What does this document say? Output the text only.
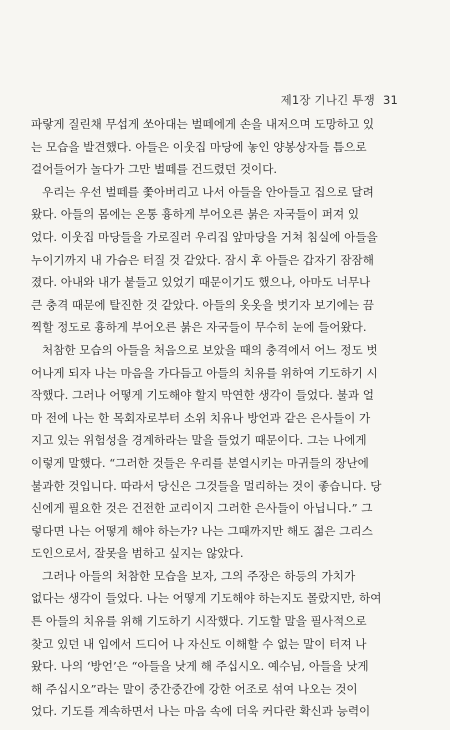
제1장 기나긴 투쟁 31
파랗게 질린채 무섭게 쏘아대는 벌떼에게 손을 내저으며 도망하고 있
는 모습을 발견했다. 아들은 이웃집 마당에 놓인 양봉상자들 틈으로
걸어들어가 놀다가 그만 벌떼를 건드렸던 것이다.
우리는 우선 벌떼를 쫓아버리고 나서 아들을 안아들고 집으로 달려
왔다. 아들의 몸에는 온통 흉하게 부어오른 붉은 자국들이 퍼져 있
었다. 이웃집 마당들을 가로질러 우리집 앞마당을 거쳐 침실에 아들을
누이기까지 내 가슴은 터질 것 같았다. 잠시 후 아들은 갑자기 잠잠해
졌다. 아내와 내가 붙들고 있었기 때문이기도 했으나, 아마도 너무나
큰 충격 때문에 탈진한 것 같았다. 아들의 옷옷을 벗기자 보기에는 끔
찍할 정도로 흉하게 부어오른 붉은 자국들이 무수히 눈에 들어왔다.
처참한 모습의 아들을 처음으로 보았을 때의 충격에서 어느 정도 벗
어나게 되자 나는 마음을 가다듬고 아들의 치유를 위하여 기도하기 시
작했다. 그러나 어떻게 기도해야 할지 막연한 생각이 들었다. 불과 얼
마 전에 나는 한 목회자로부터 소위 치유나 방언과 같은 은사들이 가
지고 있는 위험성을 경계하라는 말을 들었기 때문이다. 그는 나에게
이렇게 말했다. “그러한 것들은 우리를 분열시키는 마귀들의 장난에
불과한 것입니다. 따라서 당신은 그것들을 멀리하는 것이 좋습니다. 당
신에게 필요한 것은 건전한 교리이지 그러한 은사들이 아닙니다.” 그
렇다면 나는 어떻게 해야 하는가? 나는 그때까지만 해도 젊은 그리스
도인으로서, 잘못을 범하고 싶지는 않았다.
그러나 아들의 처참한 모습을 보자, 그의 주장은 하등의 가치가
없다는 생각이 들었다. 나는 어떻게 기도해야 하는지도 몰랐지만, 하여
튼 아들의 치유를 위해 기도하기 시작했다. 기도할 말을 필사적으로
찾고 있던 내 입에서 드디어 나 자신도 이해할 수 없는 말이 터져 나
왔다. 나의 ‘방언’은 “아들을 낫게 해 주십시오. 예수님, 아들을 낫게
해 주십시오”라는 말이 중간중간에 강한 어조로 섞여 나오는 것이
었다. 기도를 계속하면서 나는 마음 속에 더욱 커다란 확신과 능력이
